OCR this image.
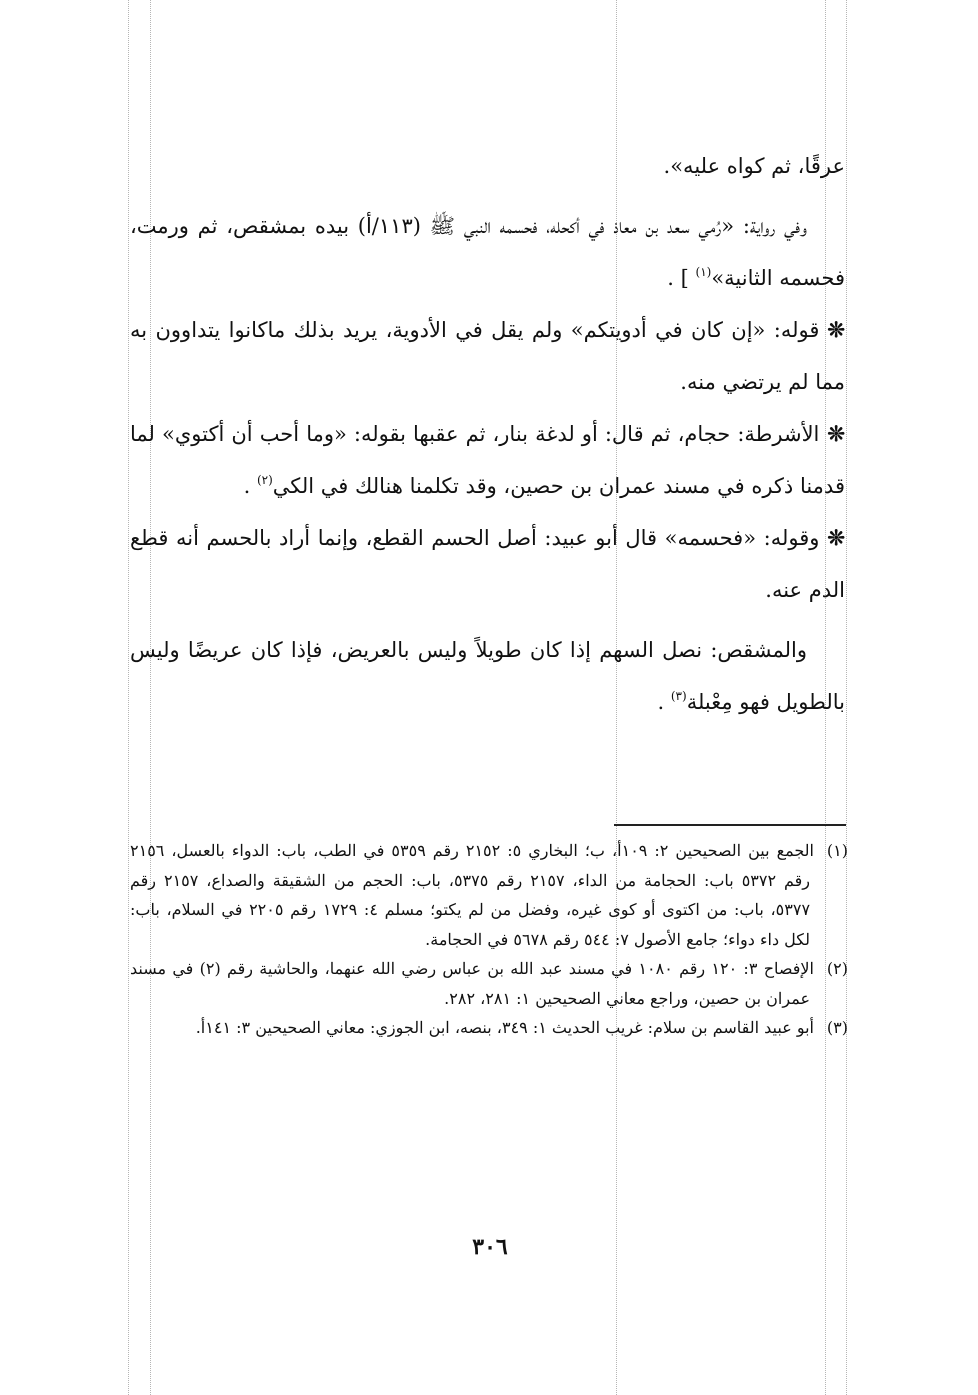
عرقًا، ثم كواه عليه».

وفي رواية: «رُمي سعد بن معاذ في أكحله، فحسمه النبي ﷺ (١١٣/أ) بيده بمشقص، ثم ورمت، فحسمه الثانية»$^{(١)}$ ] .

❊قوله: «إن كان في أدويتكم» ولم يقل في الأدوية، يريد بذلك ماكانوا يتداوون به مما لم يرتضي منه.

❊الأشرطة: حجام، ثم قال: أو لدغة بنار، ثم عقبها بقوله: «وما أحب أن أكتوي» لما قدمنا ذكره في مسند عمران بن حصين، وقد تكلمنا هنالك في الكي$^{(٢)}$ .

❊وقوله: «فحسمه» قال أبو عبيد: أصل الحسم القطع، وإنما أراد بالحسم أنه قطع الدم عنه.

والمشقص: نصل السهم إذا كان طويلاً وليس بالعريض، فإذا كان عريضًا وليس بالطويل فهو مِعْبلة$^{(٣)}$ .

(١)الجمع بين الصحيحين ٢: ١٠٩أ، ب؛ البخاري ٥: ٢١٥٢ رقم ٥٣٥٩ في الطب، باب: الدواء بالعسل، ٢١٥٦ رقم ٥٣٧٢ باب: الحجامة من الداء، ٢١٥٧ رقم ٥٣٧٥، باب: الحجم من الشقيقة والصداع، ٢١٥٧ رقم ٥٣٧٧، باب: من اكتوى أو كوى غيره، وفضل من لم يكتو؛ مسلم ٤: ١٧٢٩ رقم ٢٢٠٥ في السلام، باب: لكل داء دواء؛ جامع الأصول ٧: ٥٤٤ رقم ٥٦٧٨ في الحجامة.

(٢)الإفصاح ٣: ١٢٠ رقم ١٠٨٠ في مسند عبد الله بن عباس رضي الله عنهما، والحاشية رقم (٢) في مسند عمران بن حصين، وراجع معاني الصحيحين ١: ٢٨١، ٢٨٢.

(٣)أبو عبيد القاسم بن سلام: غريب الحديث ١: ٣٤٩، بنصه، ابن الجوزي: معاني الصحيحين ٣: ١٤١أ.

٣٠٦
